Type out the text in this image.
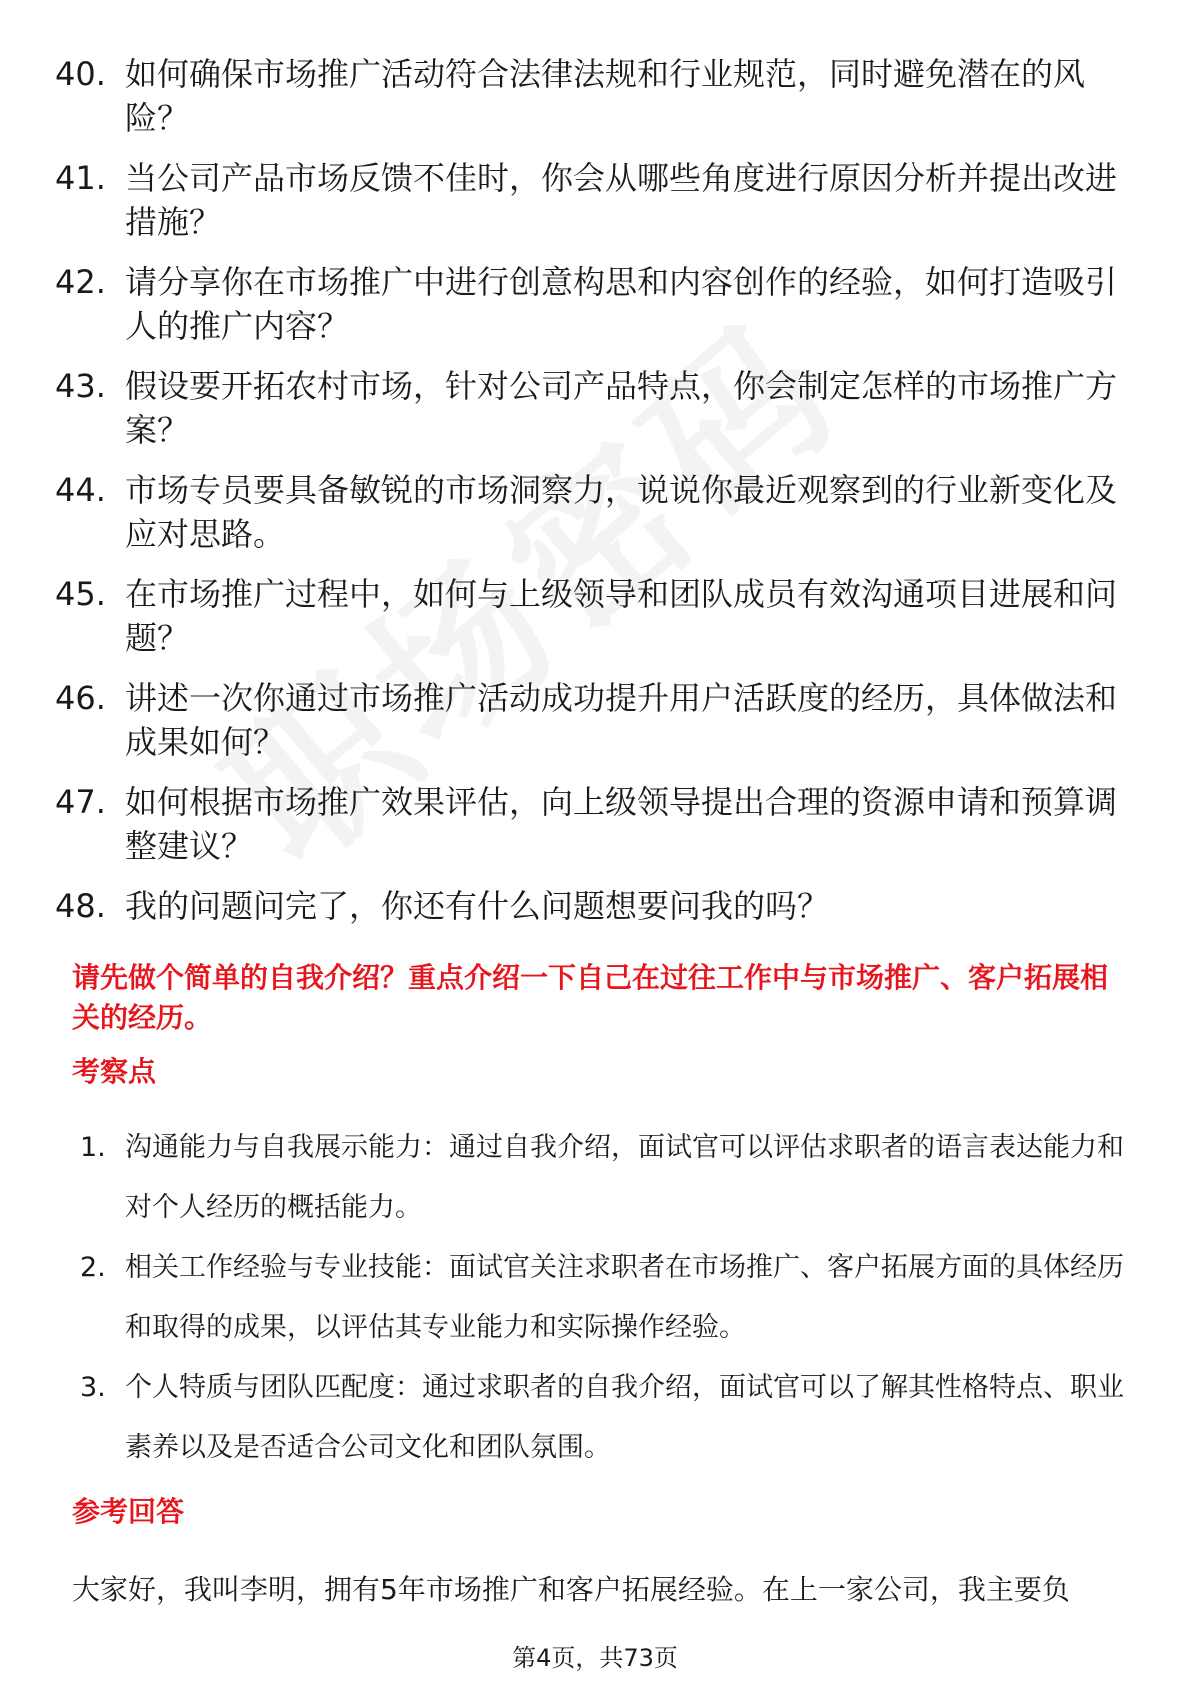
40. 如何确保市场推广活动符合法律法规和行业规范，同时避免潜在的风险？
41. 当公司产品市场反馈不佳时，你会从哪些角度进行原因分析并提出改进措施？
42. 请分享你在市场推广中进行创意构思和内容创作的经验，如何打造吸引人的推广内容？
43. 假设要开拓农村市场，针对公司产品特点，你会制定怎样的市场推广方案？
44. 市场专员要具备敏锐的市场洞察力，说说你最近观察到的行业新变化及应对思路。
45. 在市场推广过程中，如何与上级领导和团队成员有效沟通项目进展和问题？
46. 讲述一次你通过市场推广活动成功提升用户活跃度的经历，具体做法和成果如何？
47. 如何根据市场推广效果评估，向上级领导提出合理的资源申请和预算调整建议？
48. 我的问题问完了，你还有什么问题想要问我的吗？
请先做个简单的自我介绍？重点介绍一下自己在过往工作中与市场推广、客户拓展相关的经历。
考察点
1. 沟通能力与自我展示能力：通过自我介绍，面试官可以评估求职者的语言表达能力和对个人经历的概括能力。
2. 相关工作经验与专业技能：面试官关注求职者在市场推广、客户拓展方面的具体经历和取得的成果，以评估其专业能力和实际操作经验。
3. 个人特质与团队匹配度：通过求职者的自我介绍，面试官可以了解其性格特点、职业素养以及是否适合公司文化和团队氛围。
参考回答
大家好，我叫李明，拥有5年市场推广和客户拓展经验。在上一家公司，我主要负
第4页，共73页
